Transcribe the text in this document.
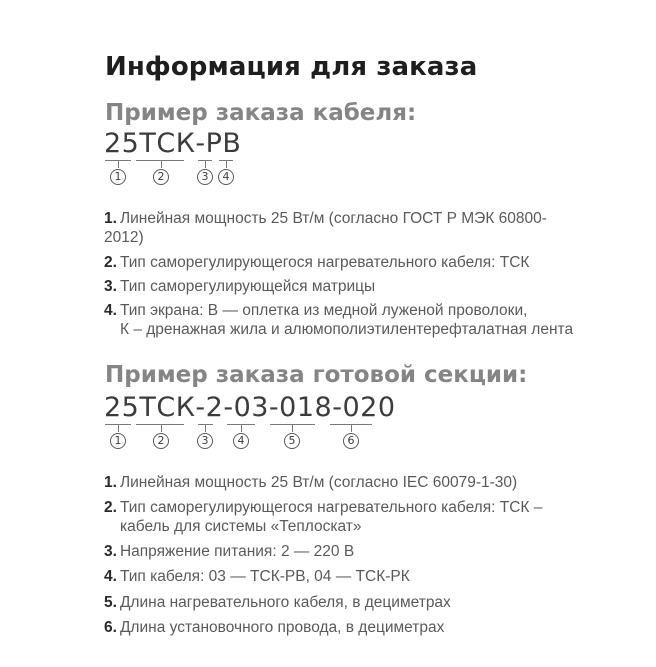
Информация для заказа
Пример заказа кабеля:
25ТСК-РВ
1	2	3	4
1. Линейная мощность 25 Вт/м (согласно ГОСТ Р МЭК 60800-
2012)
2. Тип саморегулирующегося нагревательного кабеля: ТСК
3. Тип саморегулирующейся матрицы
4. Тип экрана: В — оплетка из медной луженой проволоки,
К – дренажная жила и алюмополиэтилентерефталатная лента
Пример заказа готовой секции:
25ТСК-2-03-018-020
1	2	3	4	5	6
1. Линейная мощность 25 Вт/м (согласно IEC 60079-1-30)
2. Тип саморегулирующегося нагревательного кабеля: ТСК –
кабель для системы «Теплоскат»
3. Напряжение питания: 2 — 220 В
4. Тип кабеля: 03 — ТСК-РВ, 04 — ТСК-РК
5. Длина нагревательного кабеля, в дециметрах
6. Длина установочного провода, в дециметрах
